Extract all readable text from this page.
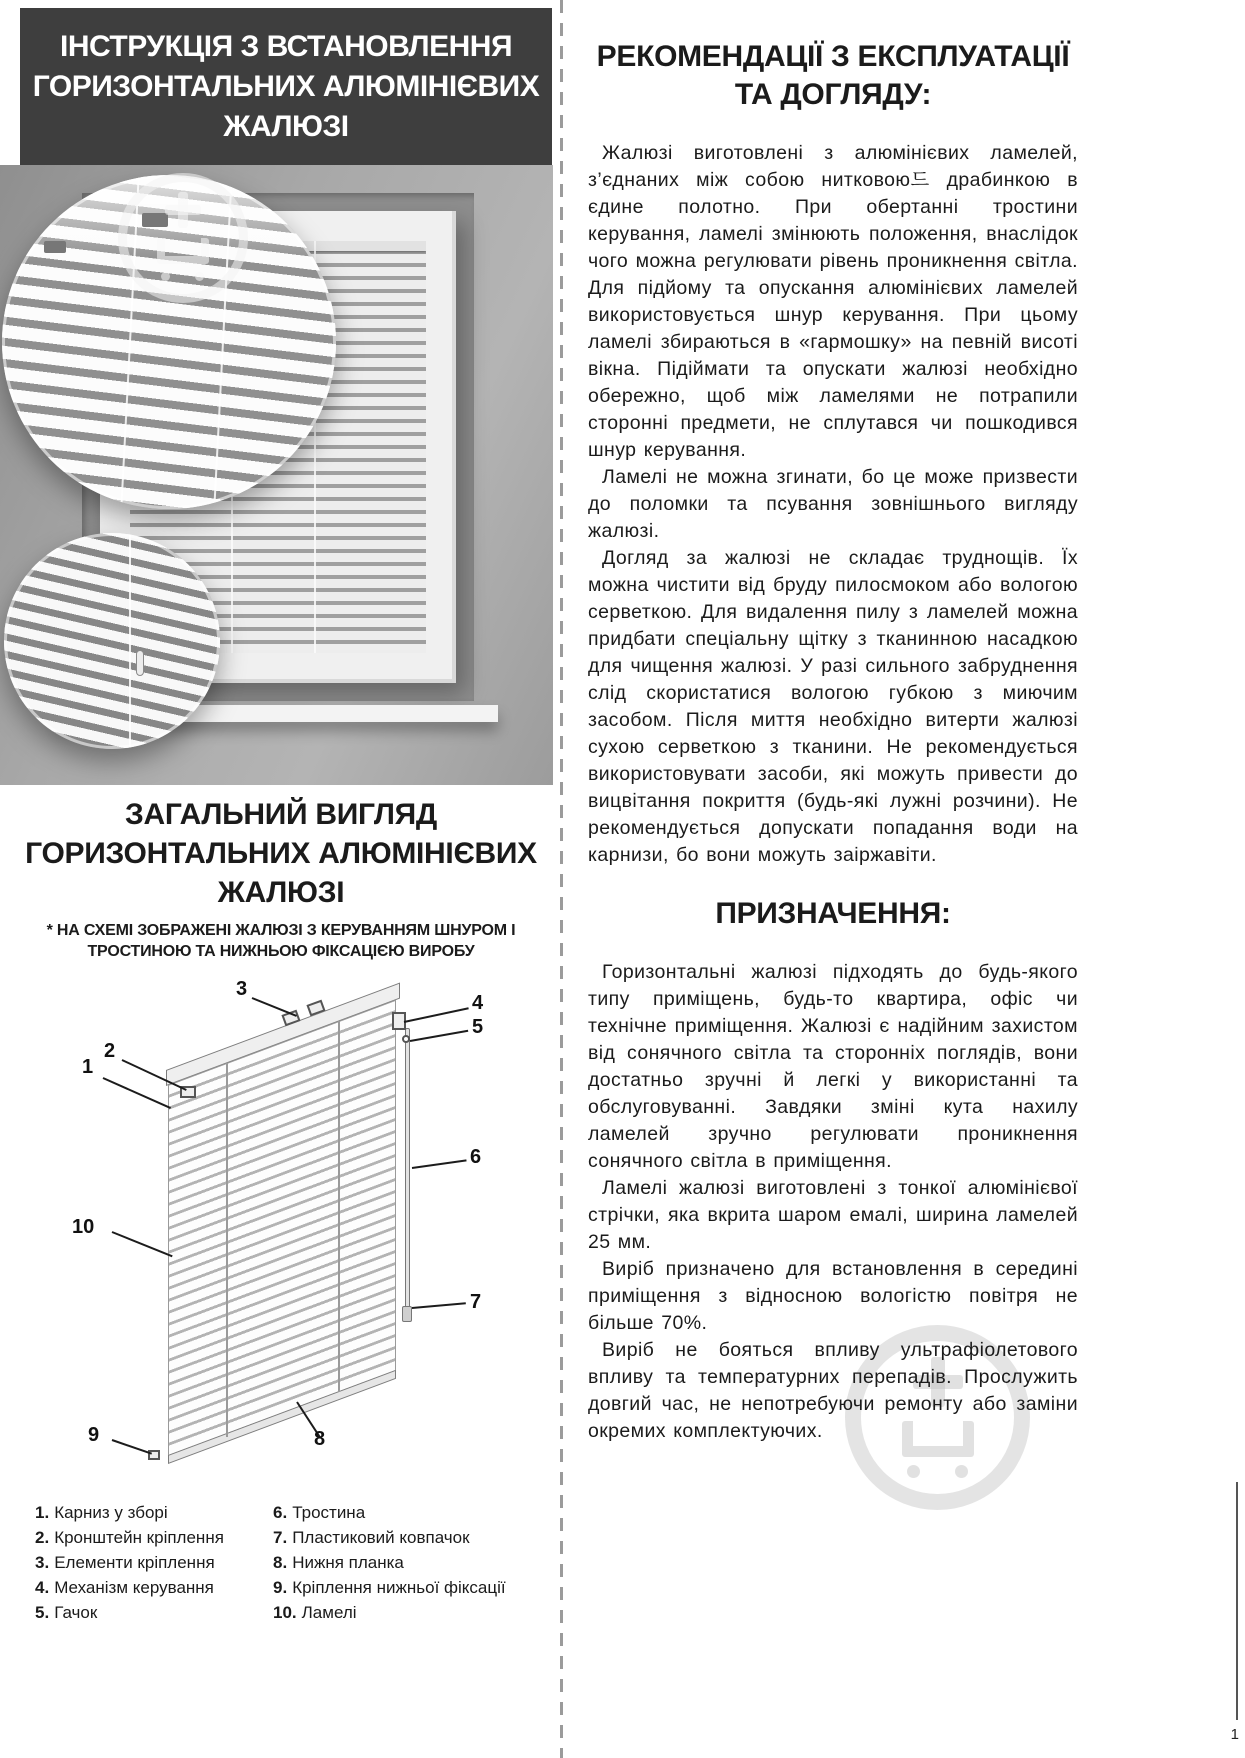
ІНСТРУКЦІЯ З ВСТАНОВЛЕННЯ
ГОРИЗОНТАЛЬНИХ АЛЮМІНІЄВИХ
ЖАЛЮЗІ
ЗАГАЛЬНИЙ ВИГЛЯД
ГОРИЗОНТАЛЬНИХ АЛЮМІНІЄВИХ
ЖАЛЮЗІ
* НА СХЕМІ ЗОБРАЖЕНІ ЖАЛЮЗІ З КЕРУВАННЯМ ШНУРОМ І
ТРОСТИНОЮ ТА НИЖНЬОЮ ФІКСАЦІЄЮ ВИРОБУ
1
2
3
4
5
6
7
8
9
10
1. Карниз у зборі
2. Кронштейн кріплення
3. Елементи кріплення
4. Механізм керування
5. Гачок
6. Тростина
7. Пластиковий ковпачок
8. Нижня планка
9. Кріплення нижньої фіксації
10. Ламелі
РЕКОМЕНДАЦІЇ З ЕКСПЛУАТАЦІЇ
ТА ДОГЛЯДУ:

Жалюзі виготовлені з алюмінієвих ламелей, з’єднаних між собою нитковою드 драбинкою в єдине полотно. При обертанні тростини керування, ламелі змінюють положення, внаслідок чого можна регулювати рівень проникнення світла. Для підйому та опускання алюмінієвих ламелей використовується шнур керування. При цьому ламелі збираються в «гармошку» на певній висоті вікна. Підіймати та опускати жалюзі необхідно обережно, щоб між ламелями не потрапили сторонні предмети, не сплутався чи пошкодився шнур керування.

Ламелі не можна згинати, бо це може призвести до поломки та псування зовнішнього вигляду жалюзі.

Догляд за жалюзі не складає труднощів. Їх можна чистити від бруду пилосмоком або вологою серветкою. Для видалення пилу з ламелей можна придбати спеціальну щітку з тканинною насадкою для чищення жалюзі. У разі сильного забруднення слід скористатися вологою губкою з миючим засобом. Після миття необхідно витерти жалюзі сухою серветкою з тканини. Не рекомендується використовувати засоби, які можуть привести до вицвітання покриття (будь-які лужні розчини). Не рекомендується допускати попадання води на карнизи, бо вони можуть заіржавіти.

ПРИЗНАЧЕННЯ:

Горизонтальні жалюзі підходять до будь-якого типу приміщень, будь-то квартира, офіс чи технічне приміщення. Жалюзі є надійним захистом від сонячного світла та сторонніх поглядів, вони достатньо зручні й легкі у використанні та обслуговуванні. Завдяки зміні кута нахилу ламелей зручно регулювати проникнення сонячного світла в приміщення.

Ламелі жалюзі виготовлені з тонкої алюмінієвої стрічки, яка вкрита шаром емалі, ширина ламелей 25 мм.

Виріб призначено для встановлення в середині приміщення з відносною вологістю повітря не більше 70%.

Виріб не бояться впливу ультрафіолетового впливу та температурних перепадів. Прослужить довгий час, не непотребуючи ремонту або заміни окремих комплектуючих.

1
